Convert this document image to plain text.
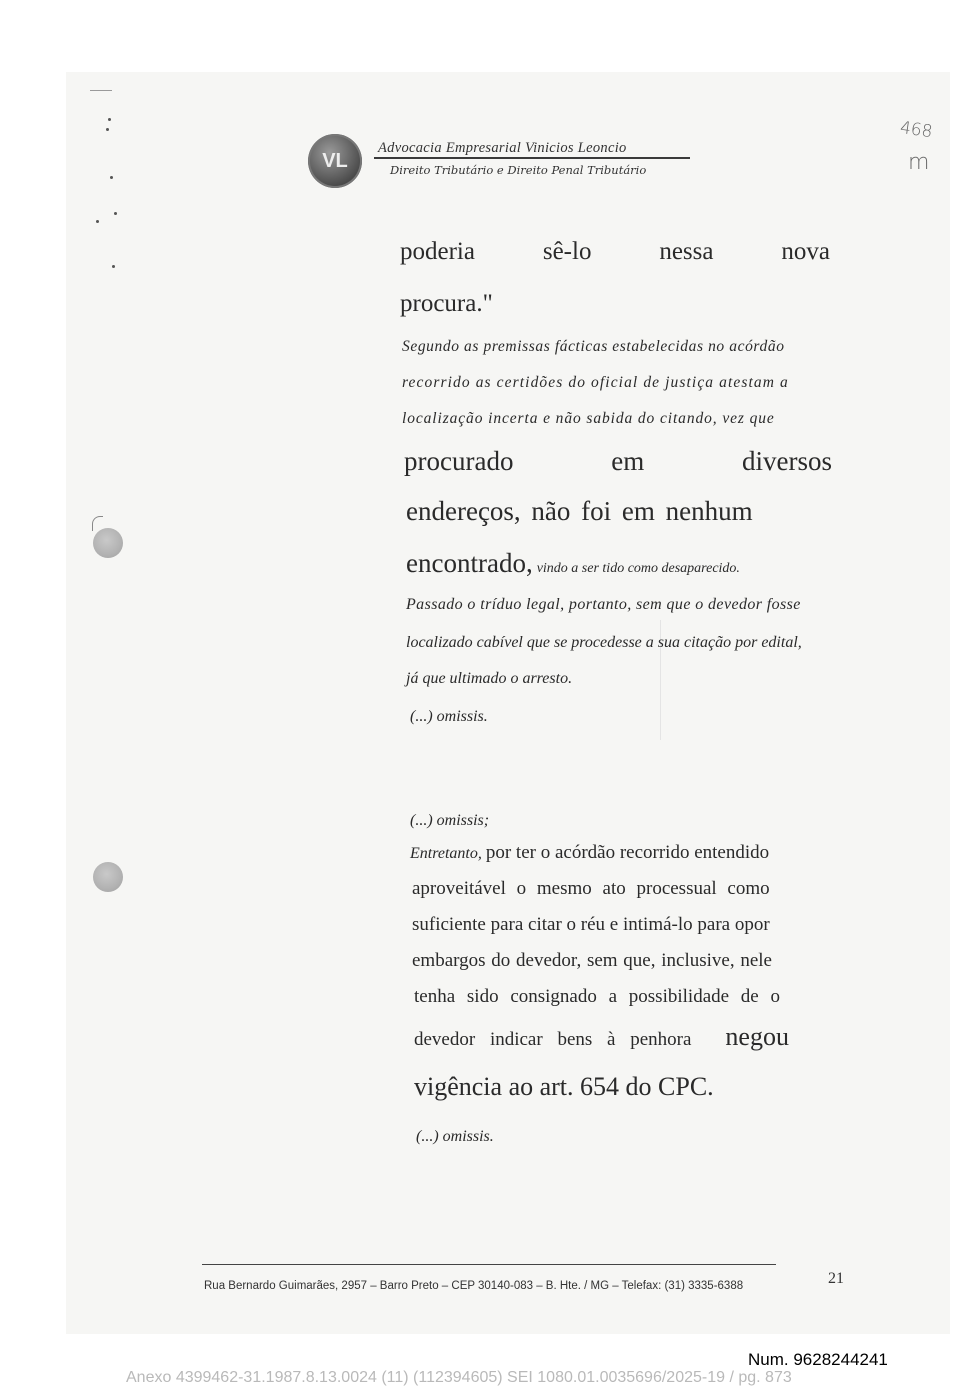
VL
Advocacia Empresarial Vinicios Leoncio
Direito Tributário e Direito Penal Tributário
468
m
poderia	sê-lo	nessa	nova
procura."
Segundo as premissas fácticas estabelecidas no acórdão
recorrido as certidões do oficial de justiça atestam a
localização incerta e não sabida do citando, vez que
procurado	em	diversos
endereços, não foi em nenhum
encontrado, vindo a ser tido como desaparecido.
Passado o tríduo legal, portanto, sem que o devedor fosse
localizado cabível que se procedesse a sua citação por edital,
já que ultimado o arresto.
(...) omissis.
(...) omissis;
Entretanto, por ter o acórdão recorrido entendido
aproveitável o mesmo ato processual como
suficiente para citar o réu e intimá-lo para opor
embargos do devedor, sem que, inclusive, nele
tenha sido consignado a possibilidade de o
devedor indicar bens à penhora negou
vigência ao art. 654 do CPC.
(...) omissis.
Rua Bernardo Guimarães, 2957 – Barro Preto – CEP 30140-083 – B. Hte. / MG – Telefax: (31) 3335-6388	21
Num. 9628244241
Anexo 4399462-31.1987.8.13.0024 (11) (112394605) SEI 1080.01.0035696/2025-19 / pg. 873
